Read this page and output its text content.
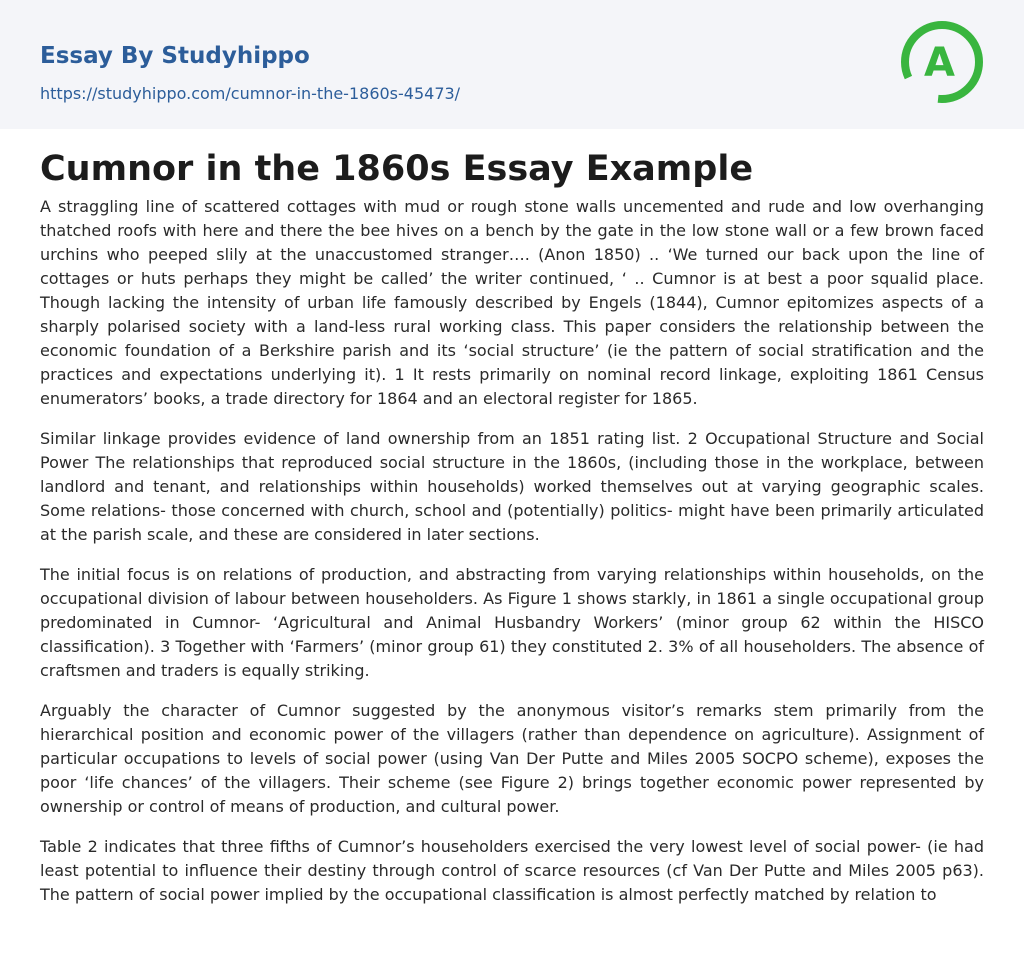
Essay By Studyhippo
https://studyhippo.com/cumnor-in-the-1860s-45473/
A
Cumnor in the 1860s Essay Example

A straggling line of scattered cottages with mud or rough stone walls uncemented and rude and low overhanging thatched roofs with here and there the bee hives on a bench by the gate in the low stone wall or a few brown faced urchins who peeped slily at the unaccustomed stranger…. (Anon 1850) .. ‘We turned our back upon the line of cottages or huts perhaps they might be called’ the writer continued, ‘ .. Cumnor is at best a poor squalid place. Though lacking the intensity of urban life famously described by Engels (1844), Cumnor epitomizes aspects of a sharply polarised society with a land-less rural working class. This paper considers the relationship between the economic foundation of a Berkshire parish and its ‘social structure’ (ie the pattern of social stratification and the practices and expectations underlying it). 1 It rests primarily on nominal record linkage, exploiting 1861 Census enumerators’ books, a trade directory for 1864 and an electoral register for 1865.

Similar linkage provides evidence of land ownership from an 1851 rating list. 2 Occupational Structure and Social Power The relationships that reproduced social structure in the 1860s, (including those in the workplace, between landlord and tenant, and relationships within households) worked themselves out at varying geographic scales. Some relations- those concerned with church, school and (potentially) politics- might have been primarily articulated at the parish scale, and these are considered in later sections.

The initial focus is on relations of production, and abstracting from varying relationships within households, on the occupational division of labour between householders. As Figure 1 shows starkly, in 1861 a single occupational group predominated in Cumnor- ‘Agricultural and Animal Husbandry Workers’ (minor group 62 within the HISCO classification). 3 Together with ‘Farmers’ (minor group 61) they constituted 2. 3% of all householders. The absence of craftsmen and traders is equally striking.

Arguably the character of Cumnor suggested by the anonymous visitor’s remarks stem primarily from the hierarchical position and economic power of the villagers (rather than dependence on agriculture). Assignment of particular occupations to levels of social power (using Van Der Putte and Miles 2005 SOCPO scheme), exposes the poor ‘life chances’ of the villagers. Their scheme (see Figure 2) brings together economic power represented by ownership or control of means of production, and cultural power.

Table 2 indicates that three fifths of Cumnor’s householders exercised the very lowest level of social power- (ie had least potential to influence their destiny through control of scarce resources (cf Van Der Putte and Miles 2005 p63). The pattern of social power implied by the occupational classification is almost perfectly matched by relation to
